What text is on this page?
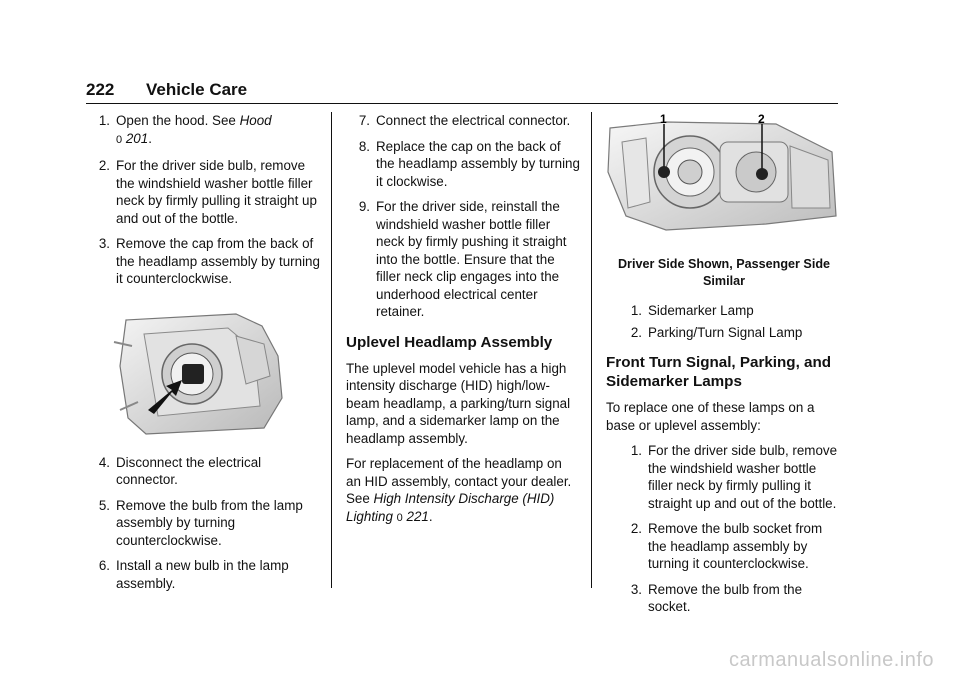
222	Vehicle Care
1. Open the hood. See Hood
0 201.
2. For the driver side bulb, remove the windshield washer bottle filler neck by firmly pulling it straight up and out of the bottle.
3. Remove the cap from the back of the headlamp assembly by turning it counterclockwise.
4. Disconnect the electrical connector.
5. Remove the bulb from the lamp assembly by turning counterclockwise.
6. Install a new bulb in the lamp assembly.
7. Connect the electrical connector.
8. Replace the cap on the back of the headlamp assembly by turning it clockwise.
9. For the driver side, reinstall the windshield washer bottle filler neck by firmly pushing it straight into the bottle. Ensure that the filler neck clip engages into the underhood electrical center retainer.
Uplevel Headlamp Assembly

The uplevel model vehicle has a high intensity discharge (HID) high/low-beam headlamp, a parking/turn signal lamp, and a sidemarker lamp on the headlamp assembly.

For replacement of the headlamp on an HID assembly, contact your dealer. See High Intensity Discharge (HID) Lighting 0 221.

1	2
Driver Side Shown, Passenger Side Similar
1. Sidemarker Lamp
2. Parking/Turn Signal Lamp
Front Turn Signal, Parking, and Sidemarker Lamps

To replace one of these lamps on a base or uplevel assembly:

1. For the driver side bulb, remove the windshield washer bottle filler neck by firmly pulling it straight up and out of the bottle.
2. Remove the bulb socket from the headlamp assembly by turning it counterclockwise.
3. Remove the bulb from the socket.
carmanualsonline.info
